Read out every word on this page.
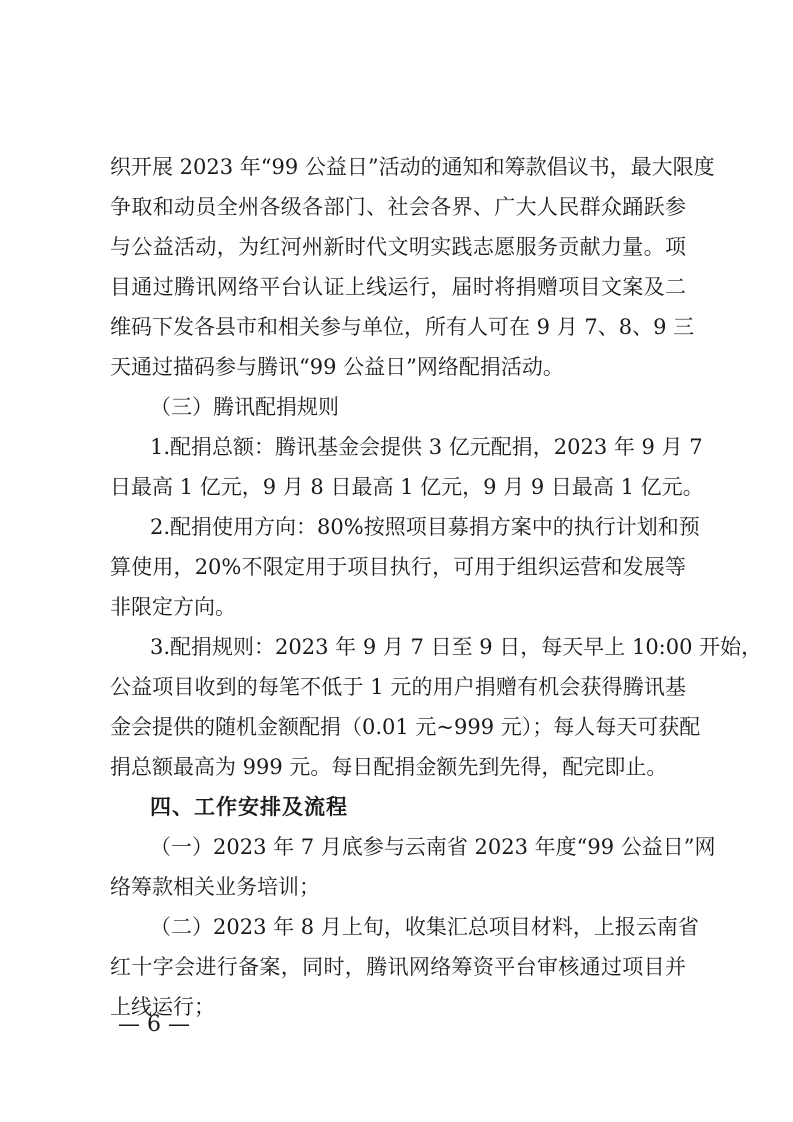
织开展 2023 年“99 公益日”活动的通知和筹款倡议书，最大限度
争取和动员全州各级各部门、社会各界、广大人民群众踊跃参
与公益活动，为红河州新时代文明实践志愿服务贡献力量。项
目通过腾讯网络平台认证上线运行，届时将捐赠项目文案及二
维码下发各县市和相关参与单位，所有人可在 9 月 7、8、9 三
天通过描码参与腾讯“99 公益日”网络配捐活动。
（三）腾讯配捐规则
1.配捐总额：腾讯基金会提供 3 亿元配捐，2023 年 9 月 7
日最高 1 亿元，9 月 8 日最高 1 亿元，9 月 9 日最高 1 亿元。
2.配捐使用方向：80%按照项目募捐方案中的执行计划和预
算使用，20%不限定用于项目执行，可用于组织运营和发展等
非限定方向。
3.配捐规则：2023 年 9 月 7 日至 9 日，每天早上 10:00 开始，
公益项目收到的每笔不低于 1 元的用户捐赠有机会获得腾讯基
金会提供的随机金额配捐（0.01 元~999 元）；每人每天可获配
捐总额最高为 999 元。每日配捐金额先到先得，配完即止。
四、工作安排及流程
（一）2023 年 7 月底参与云南省 2023 年度“99 公益日”网
络筹款相关业务培训；
（二）2023 年 8 月上旬，收集汇总项目材料，上报云南省
红十字会进行备案，同时，腾讯网络筹资平台审核通过项目并
上线运行；
— 6 —
